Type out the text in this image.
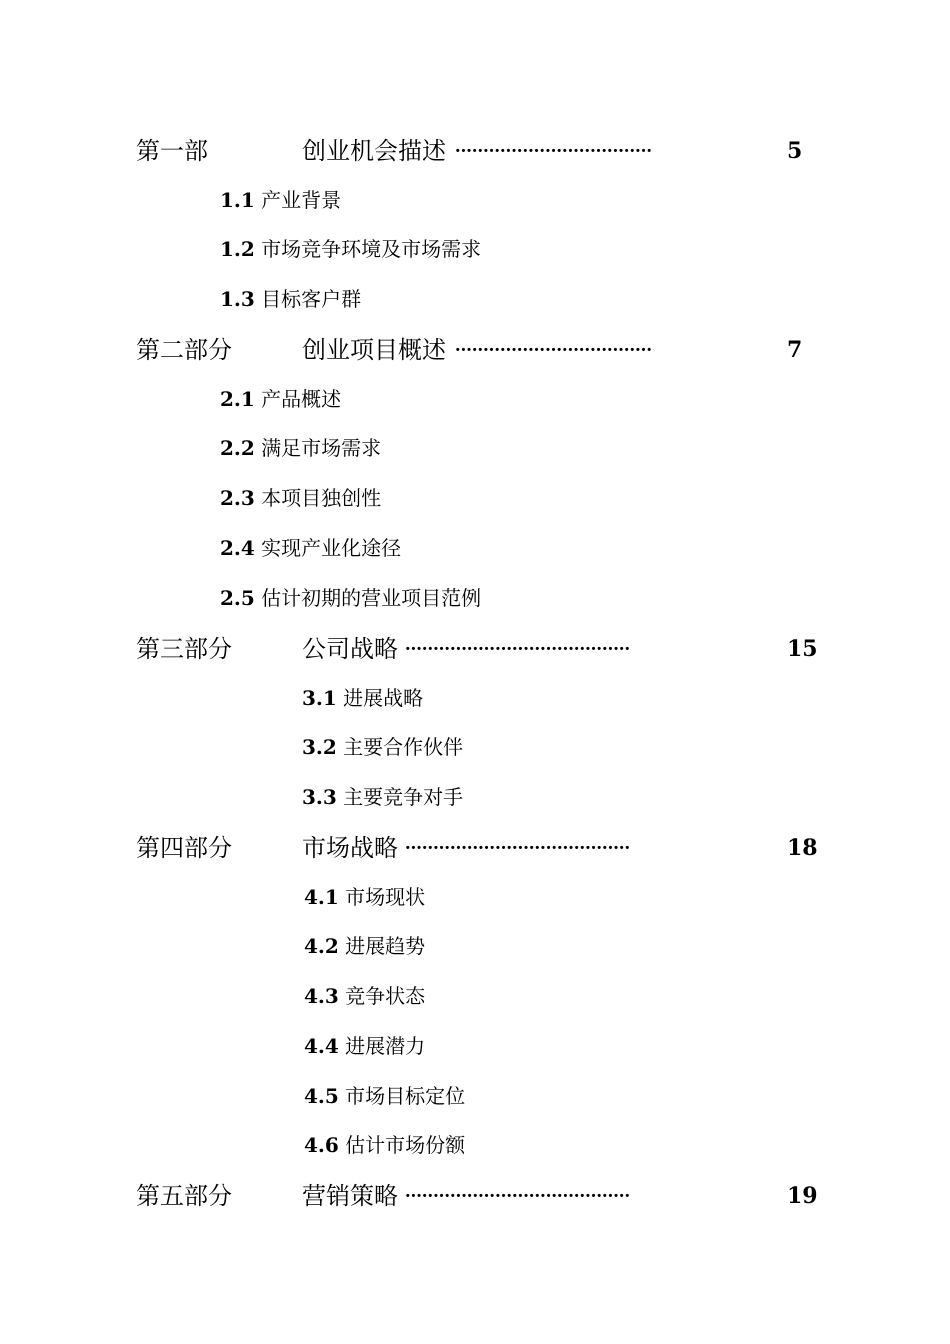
第一部	创业机会描述 ···································	5
1.1 产业背景
1.2 市场竞争环境及市场需求
1.3 目标客户群
第二部分	创业项目概述 ···································	7
2.1 产品概述
2.2 满足市场需求
2.3 本项目独创性
2.4 实现产业化途径
2.5 估计初期的营业项目范例
第三部分	公司战略 ········································	15
3.1 进展战略
3.2 主要合作伙伴
3.3 主要竞争对手
第四部分	市场战略 ········································	18
4.1 市场现状
4.2 进展趋势
4.3 竞争状态
4.4 进展潜力
4.5 市场目标定位
4.6 估计市场份额
第五部分	营销策略 ········································	19
